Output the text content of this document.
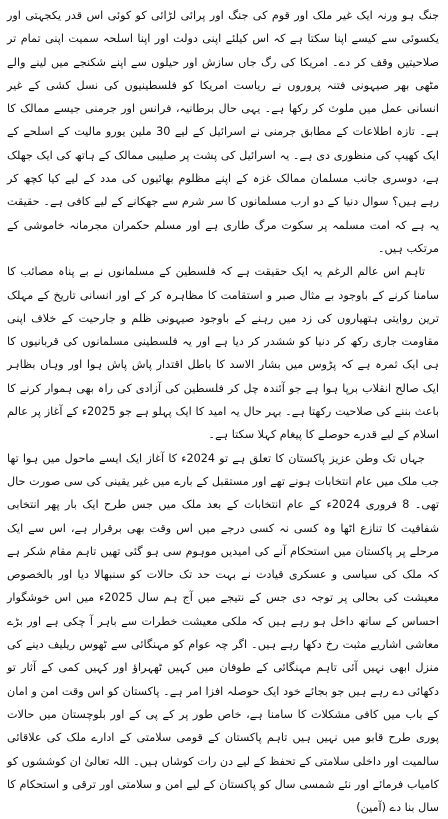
جنگ ہو ورنہ ایک غیر ملک اور قوم کی جنگ اور پرائی لڑائی کو کوئی اس قدر یکجہتی اور یکسوئی سے کیسے اپنا سکتا ہے کہ اس کیلئے اپنی دولت اور اپنا اسلحہ سمیت اپنی تمام تر صلاحیتیں وقف کر دے۔ امریکا کی رگ جاں سازش اور حیلوں سے اپنے شکنجے میں لینے والے مٹھی بھر صیہونی فتنہ پروروں نے ریاست امریکا کو فلسطینیوں کی نسل کشی کے غیر انسانی عمل میں ملوث کر رکھا ہے۔ یہی حال برطانیہ، فرانس اور جرمنی جیسے ممالک کا ہے۔ تازہ اطلاعات کے مطابق جرمنی نے اسرائیل کے لیے 30 ملین یورو مالیت کے اسلحے کے ایک کھیپ کی منظوری دی ہے۔ یہ اسرائیل کی پشت پر صلیبی ممالک کے ہاتھ کی ایک جھلک ہے، دوسری جانب مسلمان ممالک غزہ کے اپنے مظلوم بھائیوں کی مدد کے لیے کیا کچھ کر رہے ہیں؟ سوال دنیا کے دو ارب مسلمانوں کا سر شرم سے جھکانے کے لیے کافی ہے۔ حقیقت یہ ہے کہ امت مسلمہ پر سکوت مرگ طاری ہے اور مسلم حکمران مجرمانہ خاموشی کے مرتکب ہیں۔

تاہم اس عالم الرغم یہ ایک حقیقت ہے کہ فلسطین کے مسلمانوں نے بے پناہ مصائب کا سامنا کرنے کے باوجود بے مثال صبر و استقامت کا مظاہرہ کر کے اور انسانی تاریخ کے مہلک ترین روایتی ہتھیاروں کی زد میں رہنے کے باوجود صیہونی ظلم و جارحیت کے خلاف اپنی مقاومت جاری رکھ کر دنیا کو ششدر کر دیا ہے اور یہ فلسطینی مسلمانوں کی قربانیوں کا ہی ایک ثمرہ ہے کہ پڑوس میں بشار الاسد کا باطل اقتدار پاش پاش ہوا اور وہاں بظاہر ایک صالح انقلاب برپا ہوا ہے جو آئندہ چل کر فلسطین کی آزادی کی راہ بھی ہموار کرنے کا باعث بننے کی صلاحیت رکھتا ہے۔ بہر حال یہ امید کا ایک پہلو ہے جو 2025ء کے آغاز پر عالم اسلام کے لیے قدرے حوصلے کا پیغام کہلا سکتا ہے۔

جہاں تک وطن عزیز پاکستان کا تعلق ہے تو 2024ء کا آغاز ایک ایسے ماحول میں ہوا تھا جب ملک میں عام انتخابات ہونے تھے اور مستقبل کے بارے میں غیر یقینی کی سی صورت حال تھی۔ 8 فروری 2024ء کے عام انتخابات کے بعد ملک میں جس طرح ایک بار پھر انتخابی شفافیت کا تنازع اٹھا وہ کسی نہ کسی درجے میں اس وقت بھی برقرار ہے، اس سے ایک مرحلے پر پاکستان میں استحکام آنے کی امیدیں موہوم سی ہو گئی تھیں تاہم مقام شکر ہے کہ ملک کی سیاسی و عسکری قیادت نے بہت حد تک حالات کو سنبھالا دیا اور بالخصوص معیشت کی بحالی پر توجہ دی جس کے نتیجے میں آج ہم سال 2025ء میں اس خوشگوار احساس کے ساتھ داخل ہو رہے ہیں کہ ملکی معیشت خطرات سے باہر آ چکی ہے اور بڑے معاشی اشاریے مثبت رخ دکھا رہے ہیں۔ اگر چہ عوام کو مہنگائی سے ٹھوس ریلیف دینے کی منزل ابھی نہیں آئی تاہم مہنگائی کے طوفان میں کہیں ٹھہراؤ اور کہیں کمی کے آثار تو دکھائی دے رہے ہیں جو بجائے خود ایک حوصلہ افزا امر ہے۔ پاکستان کو اس وقت امن و امان کے باب میں کافی مشکلات کا سامنا ہے، خاص طور پر کے پی کے اور بلوچستان میں حالات پوری طرح قابو میں نہیں ہیں تاہم پاکستان کے قومی سلامتی کے ادارے ملک کی علاقائی سالمیت اور داخلی سلامتی کے تحفظ کے لیے دن رات کوشاں ہیں۔ اللہ تعالیٰ ان کوششوں کو کامیاب فرمائے اور نئے شمسی سال کو پاکستان کے لیے امن و سلامتی اور ترقی و استحکام کا سال بنا دے (آمین)
